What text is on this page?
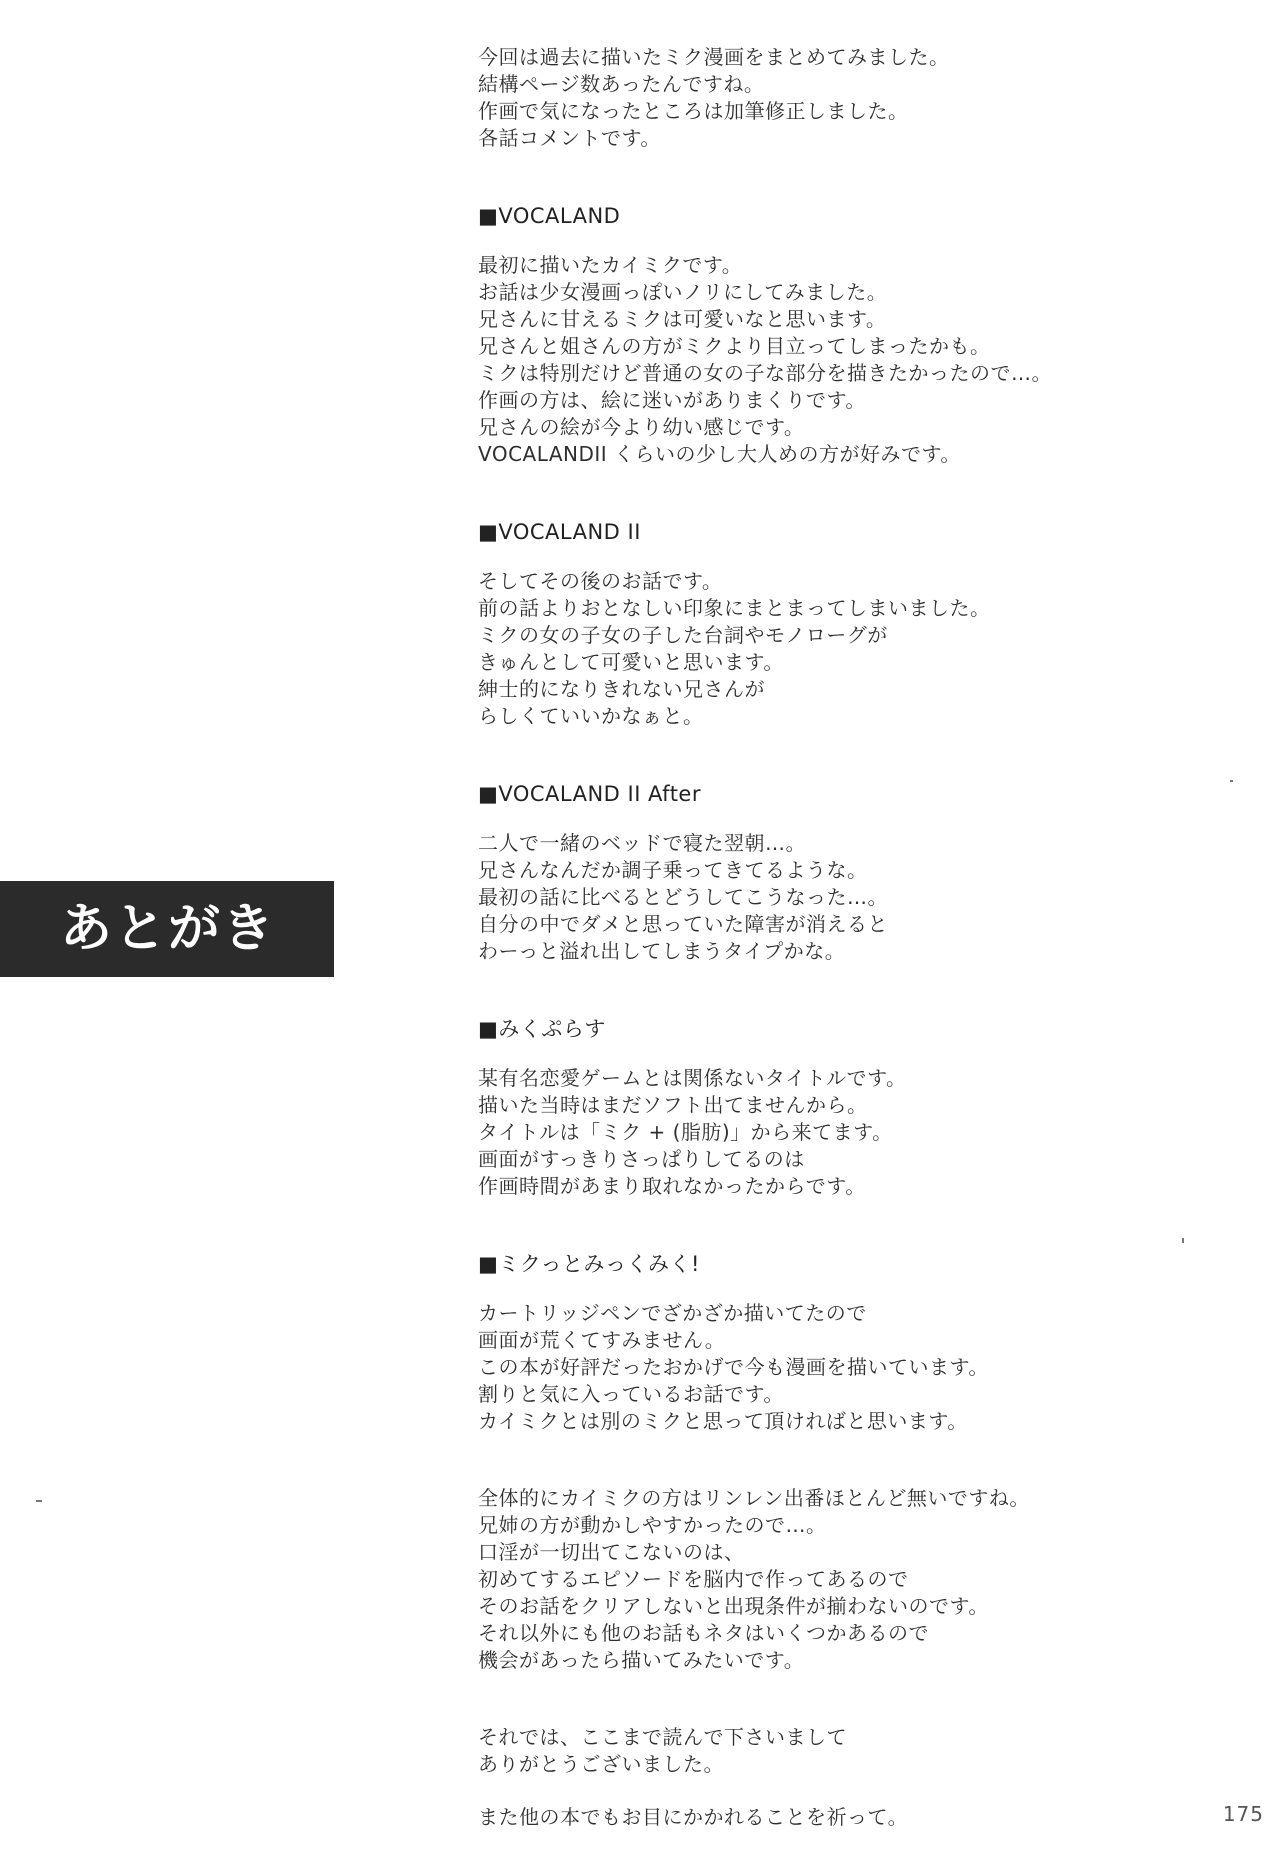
あとがき
今回は過去に描いたミク漫画をまとめてみました。
結構ページ数あったんですね。
作画で気になったところは加筆修正しました。
各話コメントです。
■VOCALAND
最初に描いたカイミクです。
お話は少女漫画っぽいノリにしてみました。
兄さんに甘えるミクは可愛いなと思います。
兄さんと姐さんの方がミクより目立ってしまったかも。
ミクは特別だけど普通の女の子な部分を描きたかったので…。
作画の方は、絵に迷いがありまくりです。
兄さんの絵が今より幼い感じです。
VOCALANDII くらいの少し大人めの方が好みです。
■VOCALAND II
そしてその後のお話です。
前の話よりおとなしい印象にまとまってしまいました。
ミクの女の子女の子した台詞やモノローグが
きゅんとして可愛いと思います。
紳士的になりきれない兄さんが
らしくていいかなぁと。
■VOCALAND II After
二人で一緒のベッドで寝た翌朝…。
兄さんなんだか調子乗ってきてるような。
最初の話に比べるとどうしてこうなった…。
自分の中でダメと思っていた障害が消えると
わーっと溢れ出してしまうタイプかな。
■みくぷらす
某有名恋愛ゲームとは関係ないタイトルです。
描いた当時はまだソフト出てませんから。
タイトルは「ミク + (脂肪)」から来てます。
画面がすっきりさっぱりしてるのは
作画時間があまり取れなかったからです。
■ミクっとみっくみく!
カートリッジペンでざかざか描いてたので
画面が荒くてすみません。
この本が好評だったおかげで今も漫画を描いています。
割りと気に入っているお話です。
カイミクとは別のミクと思って頂ければと思います。
全体的にカイミクの方はリンレン出番ほとんど無いですね。
兄姉の方が動かしやすかったので…。
口淫が一切出てこないのは、
初めてするエピソードを脳内で作ってあるので
そのお話をクリアしないと出現条件が揃わないのです。
それ以外にも他のお話もネタはいくつかあるので
機会があったら描いてみたいです。
それでは、ここまで読んで下さいまして
ありがとうございました。
また他の本でもお目にかかれることを祈って。	175
